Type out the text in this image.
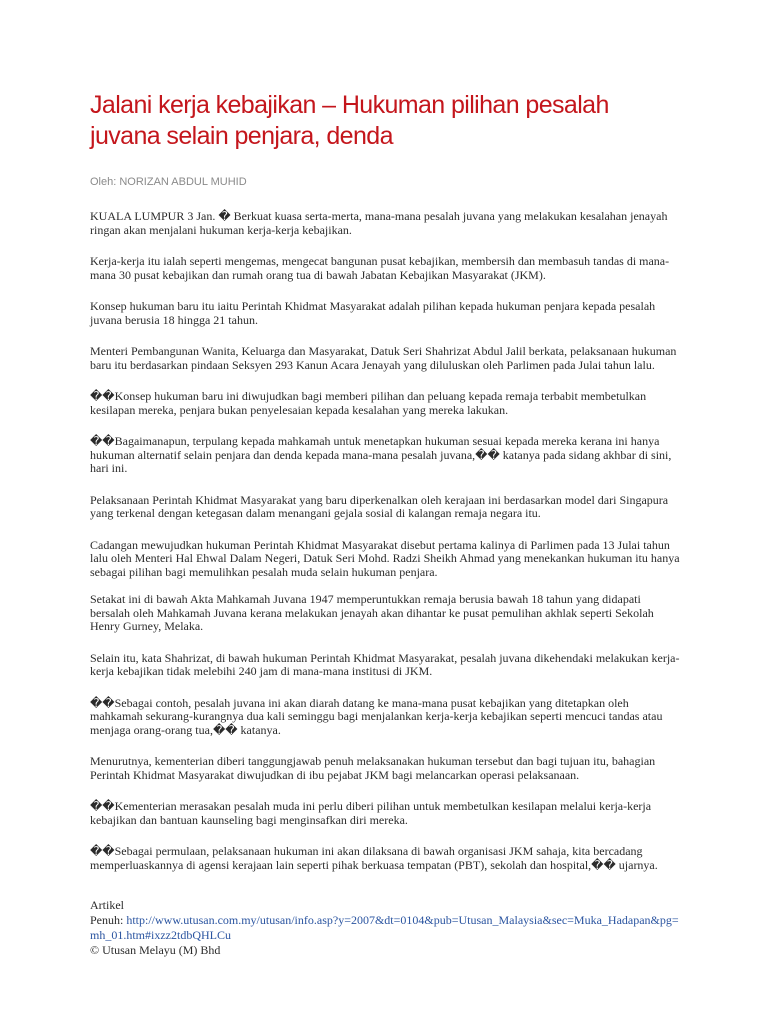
Jalani kerja kebajikan – Hukuman pilihan pesalah juvana selain penjara, denda
Oleh: NORIZAN ABDUL MUHID

KUALA LUMPUR 3 Jan. � Berkuat kuasa serta-merta, mana-mana pesalah juvana yang melakukan kesalahan jenayah ringan akan menjalani hukuman kerja-kerja kebajikan.

Kerja-kerja itu ialah seperti mengemas, mengecat bangunan pusat kebajikan, membersih dan membasuh tandas di mana-mana 30 pusat kebajikan dan rumah orang tua di bawah Jabatan Kebajikan Masyarakat (JKM).

Konsep hukuman baru itu iaitu Perintah Khidmat Masyarakat adalah pilihan kepada hukuman penjara kepada pesalah juvana berusia 18 hingga 21 tahun.

Menteri Pembangunan Wanita, Keluarga dan Masyarakat, Datuk Seri Shahrizat Abdul Jalil berkata, pelaksanaan hukuman baru itu berdasarkan pindaan Seksyen 293 Kanun Acara Jenayah yang diluluskan oleh Parlimen pada Julai tahun lalu.

��Konsep hukuman baru ini diwujudkan bagi memberi pilihan dan peluang kepada remaja terbabit membetulkan kesilapan mereka, penjara bukan penyelesaian kepada kesalahan yang mereka lakukan.

��Bagaimanapun, terpulang kepada mahkamah untuk menetapkan hukuman sesuai kepada mereka kerana ini hanya hukuman alternatif selain penjara dan denda kepada mana-mana pesalah juvana,�� katanya pada sidang akhbar di sini, hari ini.

Pelaksanaan Perintah Khidmat Masyarakat yang baru diperkenalkan oleh kerajaan ini berdasarkan model dari Singapura yang terkenal dengan ketegasan dalam menangani gejala sosial di kalangan remaja negara itu.

Cadangan mewujudkan hukuman Perintah Khidmat Masyarakat disebut pertama kalinya di Parlimen pada 13 Julai tahun lalu oleh Menteri Hal Ehwal Dalam Negeri, Datuk Seri Mohd. Radzi Sheikh Ahmad yang menekankan hukuman itu hanya sebagai pilihan bagi memulihkan pesalah muda selain hukuman penjara.

Setakat ini di bawah Akta Mahkamah Juvana 1947 memperuntukkan remaja berusia bawah 18 tahun yang didapati bersalah oleh Mahkamah Juvana kerana melakukan jenayah akan dihantar ke pusat pemulihan akhlak seperti Sekolah Henry Gurney, Melaka.

Selain itu, kata Shahrizat, di bawah hukuman Perintah Khidmat Masyarakat, pesalah juvana dikehendaki melakukan kerja-kerja kebajikan tidak melebihi 240 jam di mana-mana institusi di JKM.

��Sebagai contoh, pesalah juvana ini akan diarah datang ke mana-mana pusat kebajikan yang ditetapkan oleh mahkamah sekurang-kurangnya dua kali seminggu bagi menjalankan kerja-kerja kebajikan seperti mencuci tandas atau menjaga orang-orang tua,�� katanya.

Menurutnya, kementerian diberi tanggungjawab penuh melaksanakan hukuman tersebut dan bagi tujuan itu, bahagian Perintah Khidmat Masyarakat diwujudkan di ibu pejabat JKM bagi melancarkan operasi pelaksanaan.

��Kementerian merasakan pesalah muda ini perlu diberi pilihan untuk membetulkan kesilapan melalui kerja-kerja kebajikan dan bantuan kaunseling bagi menginsafkan diri mereka.

��Sebagai permulaan, pelaksanaan hukuman ini akan dilaksana di bawah organisasi JKM sahaja, kita bercadang memperluaskannya di agensi kerajaan lain seperti pihak berkuasa tempatan (PBT), sekolah dan hospital,�� ujarnya.

Artikel
Penuh: http://www.utusan.com.my/utusan/info.asp?y=2007&dt=0104&pub=Utusan_Malaysia&sec=Muka_Hadapan&pg=mh_01.htm#ixzz2tdbQHLCu
© Utusan Melayu (M) Bhd
